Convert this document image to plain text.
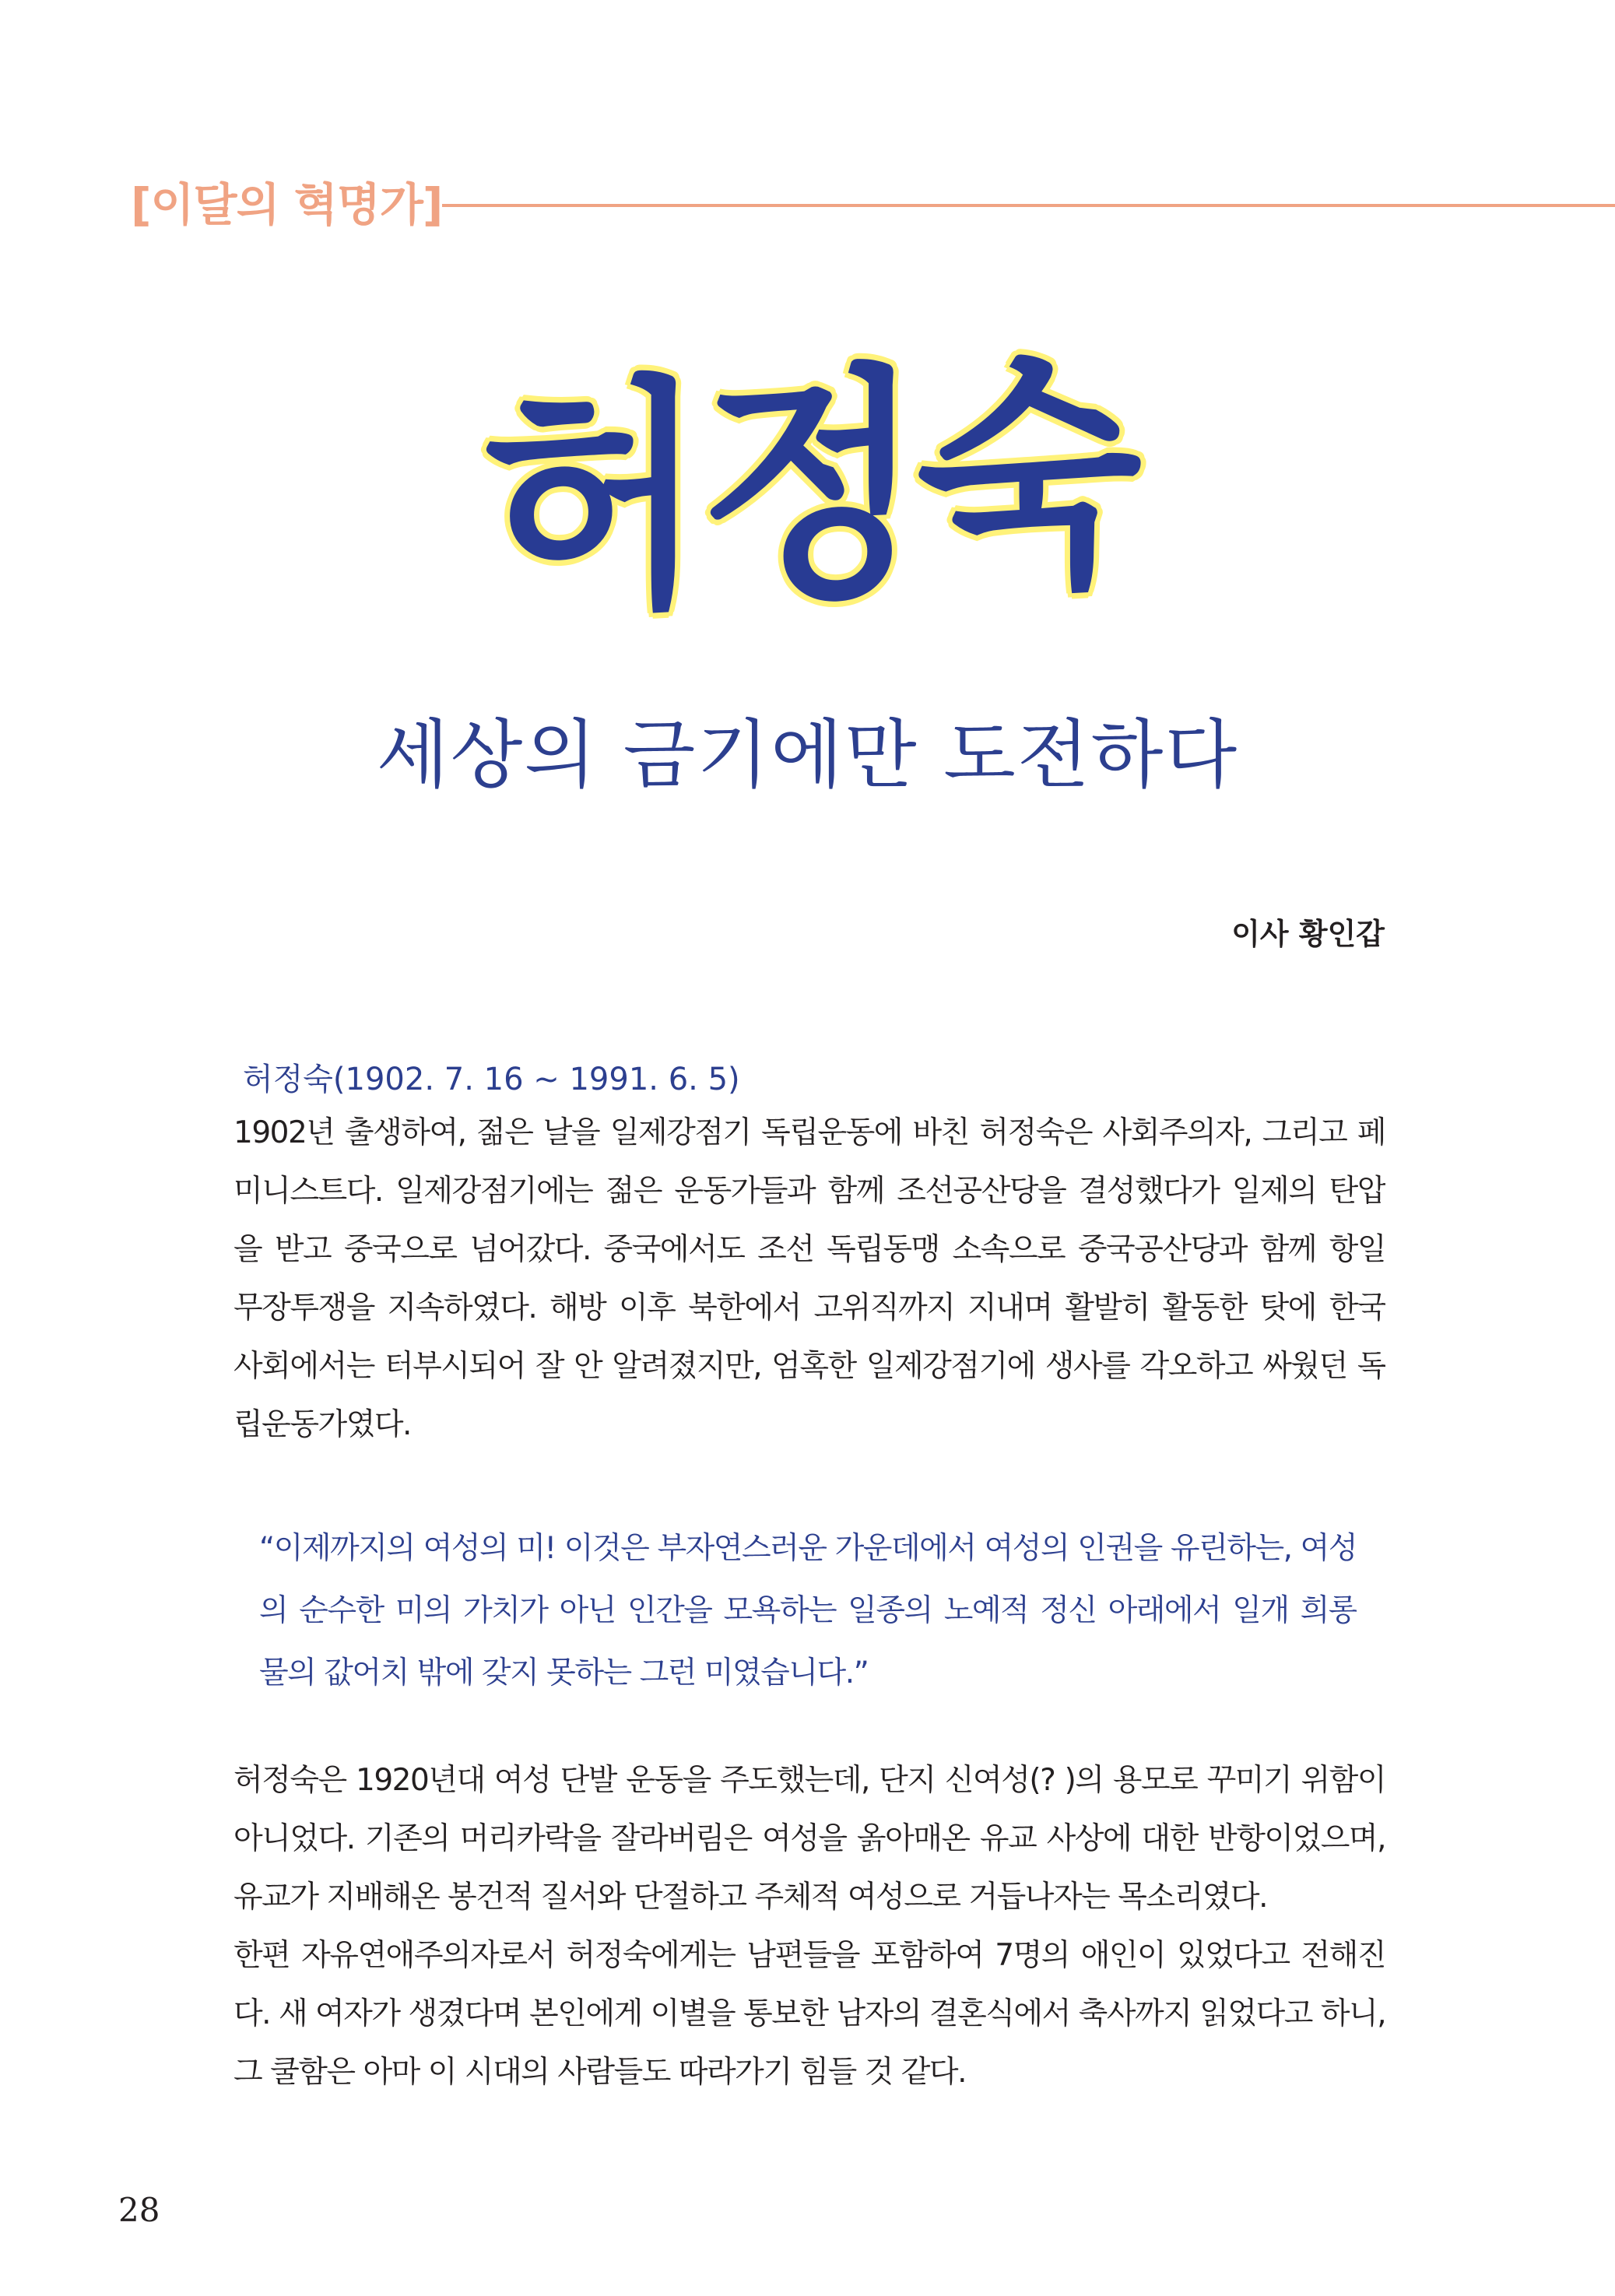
[이달의 혁명가]
허정숙
세상의 금기에만 도전하다
이사 황인갑
허정숙(1902. 7. 16 ~ 1991. 6. 5)
1902년 출생하여, 젊은 날을 일제강점기 독립운동에 바친 허정숙은 사회주의자, 그리고 페
미니스트다. 일제강점기에는 젊은 운동가들과 함께 조선공산당을 결성했다가 일제의 탄압
을 받고 중국으로 넘어갔다. 중국에서도 조선 독립동맹 소속으로 중국공산당과 함께 항일
무장투쟁을 지속하였다. 해방 이후 북한에서 고위직까지 지내며 활발히 활동한 탓에 한국
사회에서는 터부시되어 잘 안 알려졌지만, 엄혹한 일제강점기에 생사를 각오하고 싸웠던 독
립운동가였다.
“이제까지의 여성의 미! 이것은 부자연스러운 가운데에서 여성의 인권을 유린하는, 여성
의 순수한 미의 가치가 아닌 인간을 모욕하는 일종의 노예적 정신 아래에서 일개 희롱
물의 값어치 밖에 갖지 못하는 그런 미였습니다.”
허정숙은 1920년대 여성 단발 운동을 주도했는데, 단지 신여성(? )의 용모로 꾸미기 위함이
아니었다. 기존의 머리카락을 잘라버림은 여성을 옭아매온 유교 사상에 대한 반항이었으며,
유교가 지배해온 봉건적 질서와 단절하고 주체적 여성으로 거듭나자는 목소리였다.
한편 자유연애주의자로서 허정숙에게는 남편들을 포함하여 7명의 애인이 있었다고 전해진
다. 새 여자가 생겼다며 본인에게 이별을 통보한 남자의 결혼식에서 축사까지 읽었다고 하니,
그 쿨함은 아마 이 시대의 사람들도 따라가기 힘들 것 같다.
28
